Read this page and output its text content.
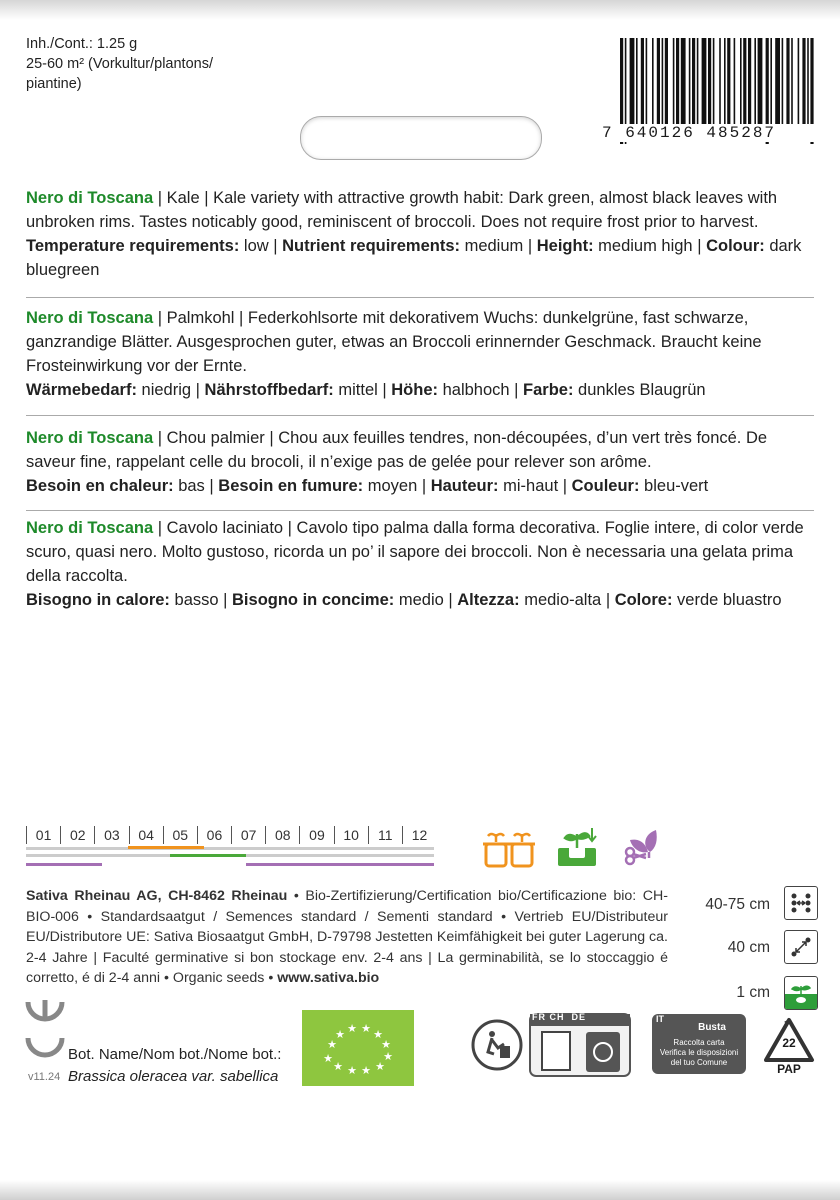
Inh./Cont.: 1.25 g
25-60 m² (Vorkultur/plantons/
piantine)
7 640126 485287
Nero di Toscana | Kale | Kale variety with attractive growth habit: Dark green, almost black leaves with unbroken rims. Tastes noticably good, reminiscent of broccoli. Does not require frost prior to harvest.
Temperature requirements: low | Nutrient requirements: medium | Height: medium high | Colour: dark bluegreen
Nero di Toscana | Palmkohl | Federkohlsorte mit dekorativem Wuchs: dunkelgrüne, fast schwarze, ganzrandige Blätter. Ausgesprochen guter, etwas an Broccoli erinnernder Geschmack. Braucht keine Frosteinwirkung vor der Ernte.
Wärmebedarf: niedrig | Nährstoffbedarf: mittel | Höhe: halbhoch | Farbe: dunkles Blaugrün
Nero di Toscana | Chou palmier | Chou aux feuilles tendres, non-découpées, d’un vert très foncé. De saveur fine, rappelant celle du brocoli, il n’exige pas de gelée pour relever son arôme.
Besoin en chaleur: bas | Besoin en fumure: moyen | Hauteur: mi-haut | Couleur: bleu-vert
Nero di Toscana | Cavolo laciniato | Cavolo tipo palma dalla forma decorativa. Foglie intere, di color verde scuro, quasi nero. Molto gustoso, ricorda un po’ il sapore dei broccoli. Non è necessaria una gelata prima della raccolta.
Bisogno in calore: basso | Bisogno in concime: medio | Altezza: medio-alta | Colore: verde bluastro
01	02	03	04	05	06	07	08	09	10	11	12
Sativa Rheinau AG, CH-8462 Rheinau • Bio-Zertifizierung/Certification bio/Certificazione bio: CH-BIO-006 • Standardsaatgut / Semences standard / Sementi standard • Vertrieb EU/Distributeur EU/Distributore UE: Sativa Biosaatgut GmbH, D-79798 Jestetten Keimfähigkeit bei guter Lagerung ca. 2-4 Jahre | Faculté germinative si bon stockage env. 2-4 ans | La germinabilità, se lo stoccaggio é corretto, é di 2-4 anni • Organic seeds • www.sativa.bio
40-75 cm
40 cm
1 cm
Bot. Name/Nom bot./Nome bot.:
Brassica oleracea var. sabellica
v11.24
★
★
★ ★ ★ ★
★
★
★
★
★
★
FR CH DE	IT
Busta
Raccolta carta
Verifica le disposizioni
del tuo Comune
22
PAP
